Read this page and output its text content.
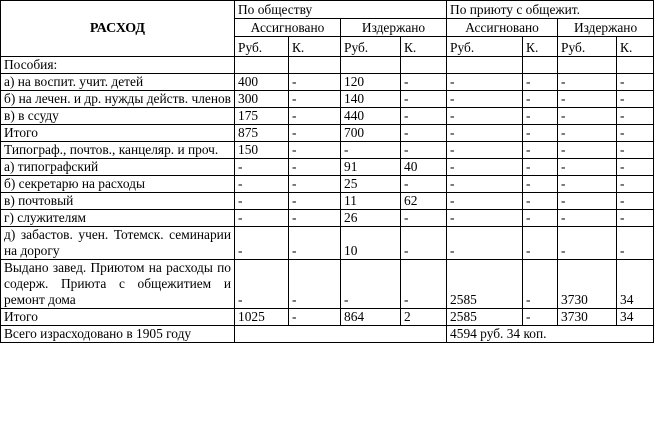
РАСХОД	По обществу				По приюту с общежит.			
	Ассигновано		Издержано		Ассигновано		Издержано	
	Руб.	К.	Руб.	К.	Руб.	К.	Руб.	К.
Пособия:								
а) на воспит. учит. детей	400	-	120	-	-	-	-	-
б) на лечен. и др. нужды действ. членов	300	-	140	-	-	-	-	-
в) в ссуду	175	-	440	-	-	-	-	-
Итого	875	-	700	-	-	-	-	-
Типограф., почтов., канцеляр. и проч.	150	-	-	-	-	-	-	-
а) типографский	-	-	91	40	-	-	-	-
б) секретарю на расходы	-	-	25	-	-	-	-	-
в) почтовый	-	-	11	62	-	-	-	-
г) служителям	-	-	26	-	-	-	-	-
д) забастов. учен. Тотемск. семинарии на дорогу	-	-	10	-	-	-	-	-
Выдано завед. Приютом на расходы по содерж. Приюта с общежитием и ремонт дома	-	-	-	-	2585	-	3730	34
Итого	1025	-	864	2	2585	-	3730	34
Всего израсходовано в 1905 году					4594 руб. 34 коп.			
